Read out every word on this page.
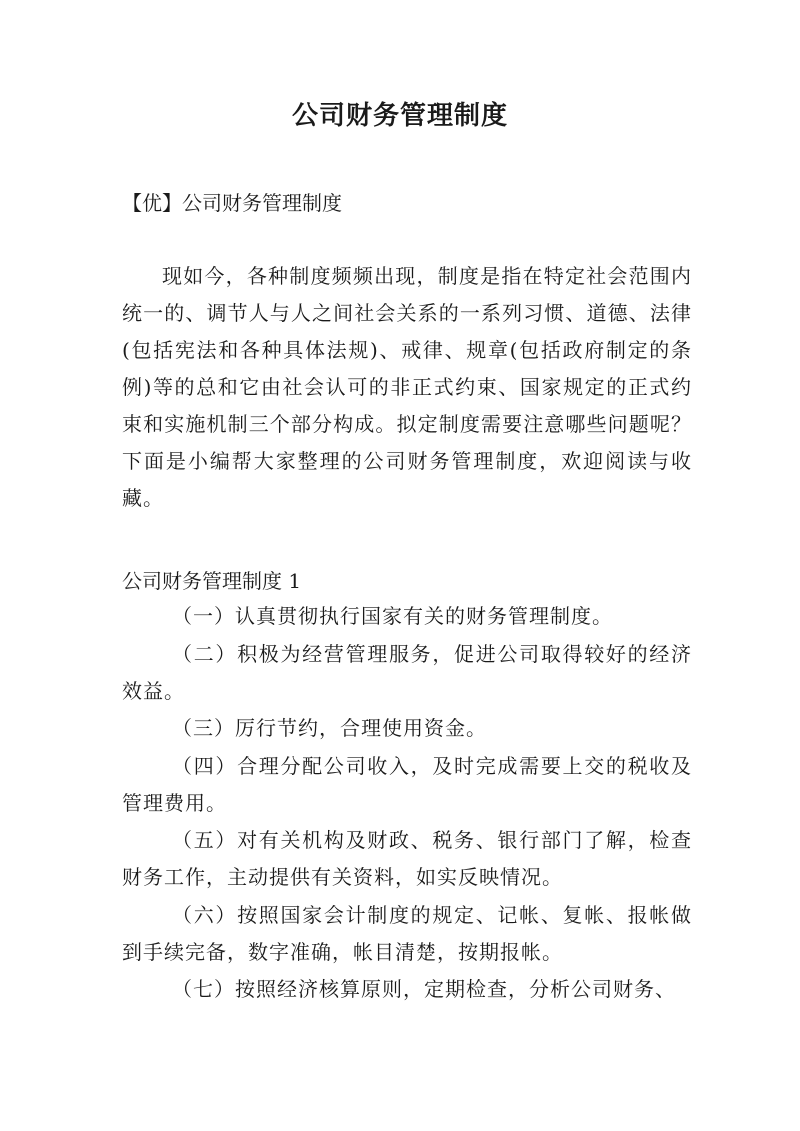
公司财务管理制度
【优】公司财务管理制度

现如今，各种制度频频出现，制度是指在特定社会范围内统一的、调节人与人之间社会关系的一系列习惯、道德、法律(包括宪法和各种具体法规)、戒律、规章(包括政府制定的条例)等的总和它由社会认可的非正式约束、国家规定的正式约束和实施机制三个部分构成。拟定制度需要注意哪些问题呢？下面是小编帮大家整理的公司财务管理制度，欢迎阅读与收藏。

公司财务管理制度 1

（一）认真贯彻执行国家有关的财务管理制度。

（二）积极为经营管理服务，促进公司取得较好的经济效益。

（三）厉行节约，合理使用资金。

（四）合理分配公司收入，及时完成需要上交的税收及管理费用。

（五）对有关机构及财政、税务、银行部门了解，检查财务工作，主动提供有关资料，如实反映情况。

（六）按照国家会计制度的规定、记帐、复帐、报帐做到手续完备，数字准确，帐目清楚，按期报帐。

（七）按照经济核算原则，定期检查，分析公司财务、
